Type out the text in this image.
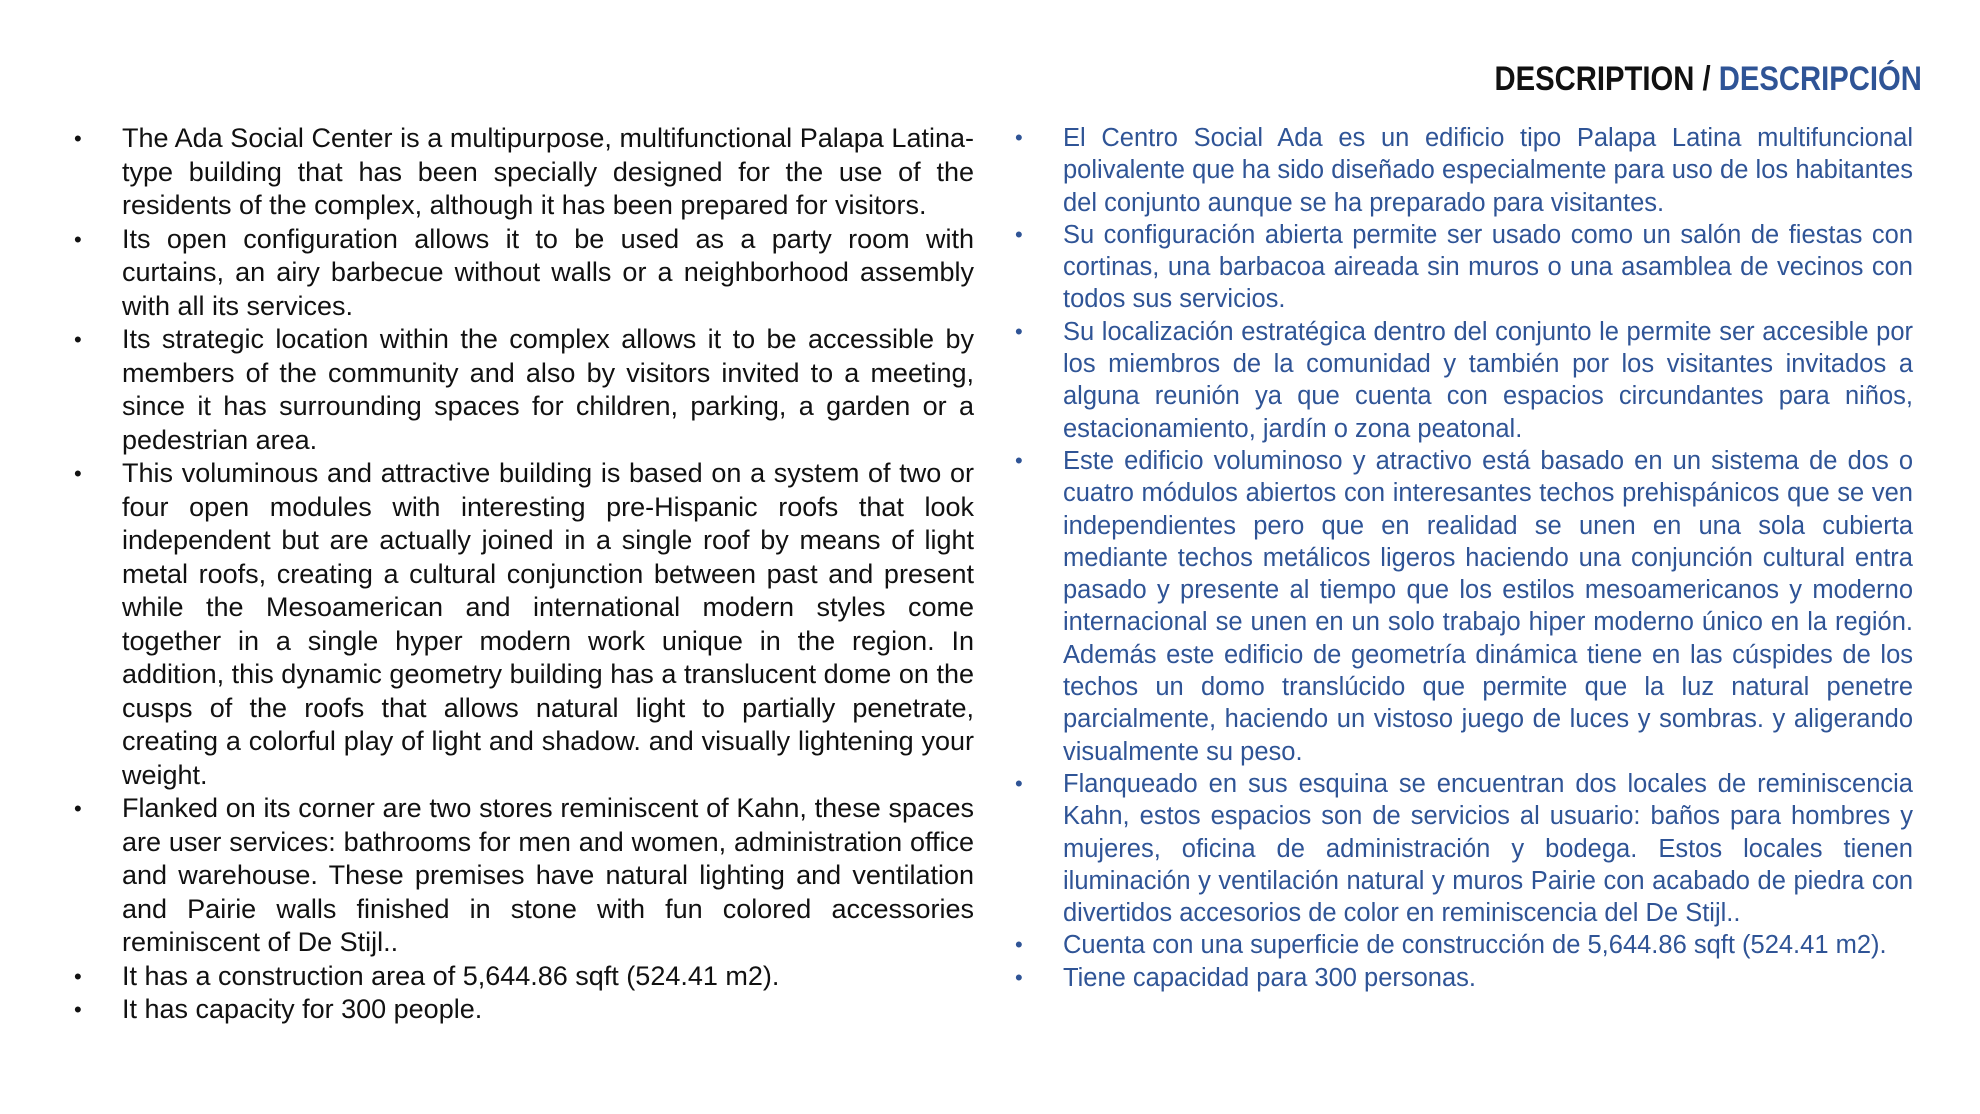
DESCRIPTION / DESCRIPCIÓN
• The Ada Social Center is a multipurpose, multifunctional Palapa Latina-type building that has been specially designed for the use of the residents of the complex, although it has been prepared for visitors.
• Its open configuration allows it to be used as a party room with curtains, an airy barbecue without walls or a neighborhood assembly with all its services.
• Its strategic location within the complex allows it to be accessible by members of the community and also by visitors invited to a meeting, since it has surrounding spaces for children, parking, a garden or a pedestrian area.
• This voluminous and attractive building is based on a system of two or four open modules with interesting pre-Hispanic roofs that look independent but are actually joined in a single roof by means of light metal roofs, creating a cultural conjunction between past and present while the Mesoamerican and international modern styles come together in a single hyper modern work unique in the region. In addition, this dynamic geometry building has a translucent dome on the cusps of the roofs that allows natural light to partially penetrate, creating a colorful play of light and shadow. and visually lightening your weight.
• Flanked on its corner are two stores reminiscent of Kahn, these spaces are user services: bathrooms for men and women, administration office and warehouse. These premises have natural lighting and ventilation and Pairie walls finished in stone with fun colored accessories reminiscent of De Stijl..
• It has a construction area of 5,644.86 sqft (524.41 m2).
• It has capacity for 300 people.
• El Centro Social Ada es un edificio tipo Palapa Latina multifuncional polivalente que ha sido diseñado especialmente para uso de los habitantes del conjunto aunque se ha preparado para visitantes.
• Su configuración abierta permite ser usado como un salón de fiestas con cortinas, una barbacoa aireada sin muros o una asamblea de vecinos con todos sus servicios.
• Su localización estratégica dentro del conjunto le permite ser accesible por los miembros de la comunidad y también por los visitantes invitados a alguna reunión ya que cuenta con espacios circundantes para niños, estacionamiento, jardín o zona peatonal.
• Este edificio voluminoso y atractivo está basado en un sistema de dos o cuatro módulos abiertos con interesantes techos prehispánicos que se ven independientes pero que en realidad se unen en una sola cubierta mediante techos metálicos ligeros haciendo una conjunción cultural entra pasado y presente al tiempo que los estilos mesoamericanos y moderno internacional se unen en un solo trabajo hiper moderno único en la región. Además este edificio de geometría dinámica tiene en las cúspides de los techos un domo translúcido que permite que la luz natural penetre parcialmente, haciendo un vistoso juego de luces y sombras. y aligerando visualmente su peso.
• Flanqueado en sus esquina se encuentran dos locales de reminiscencia Kahn, estos espacios son de servicios al usuario: baños para hombres y mujeres, oficina de administración y bodega. Estos locales tienen iluminación y ventilación natural y muros Pairie con acabado de piedra con divertidos accesorios de color en reminiscencia del De Stijl..
• Cuenta con una superficie de construcción de 5,644.86 sqft (524.41 m2).
• Tiene capacidad para 300 personas.
